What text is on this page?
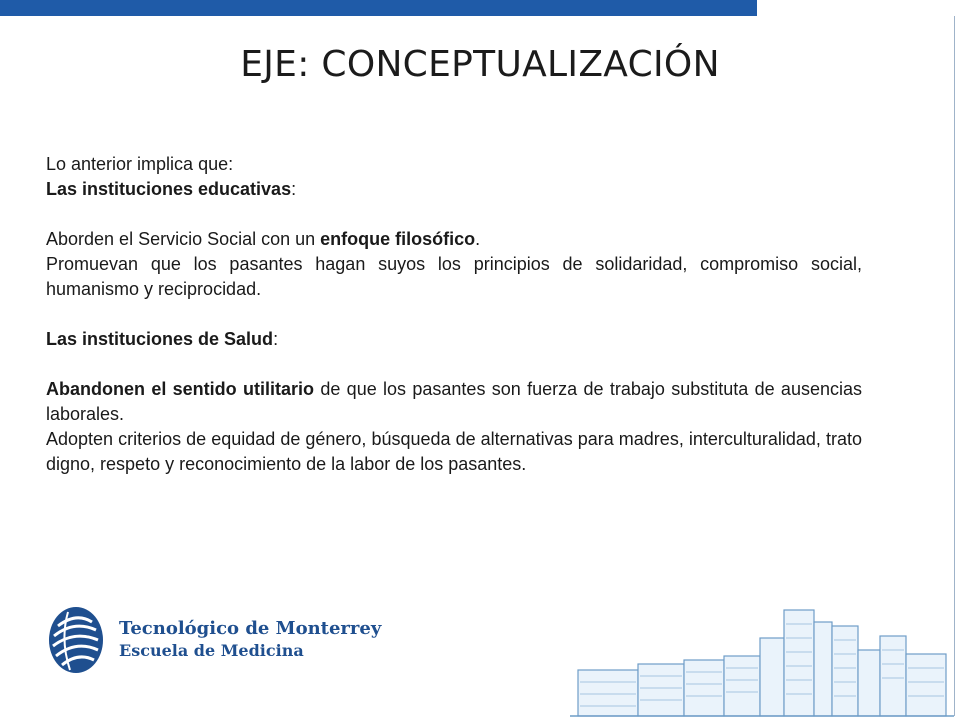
EJE: CONCEPTUALIZACIÓN

Lo anterior implica que:

Las instituciones educativas:

Aborden el Servicio Social con un enfoque filosófico.

Promuevan que los pasantes hagan suyos los principios de solidaridad, compromiso social, humanismo y reciprocidad.

Las instituciones de Salud:

Abandonen el sentido utilitario de que los pasantes son fuerza de trabajo substituta de ausencias laborales.

Adopten criterios de equidad de género, búsqueda de alternativas para madres, interculturalidad, trato digno, respeto y reconocimiento de la labor de los pasantes.

Tecnológico de Monterrey
Escuela de Medicina
